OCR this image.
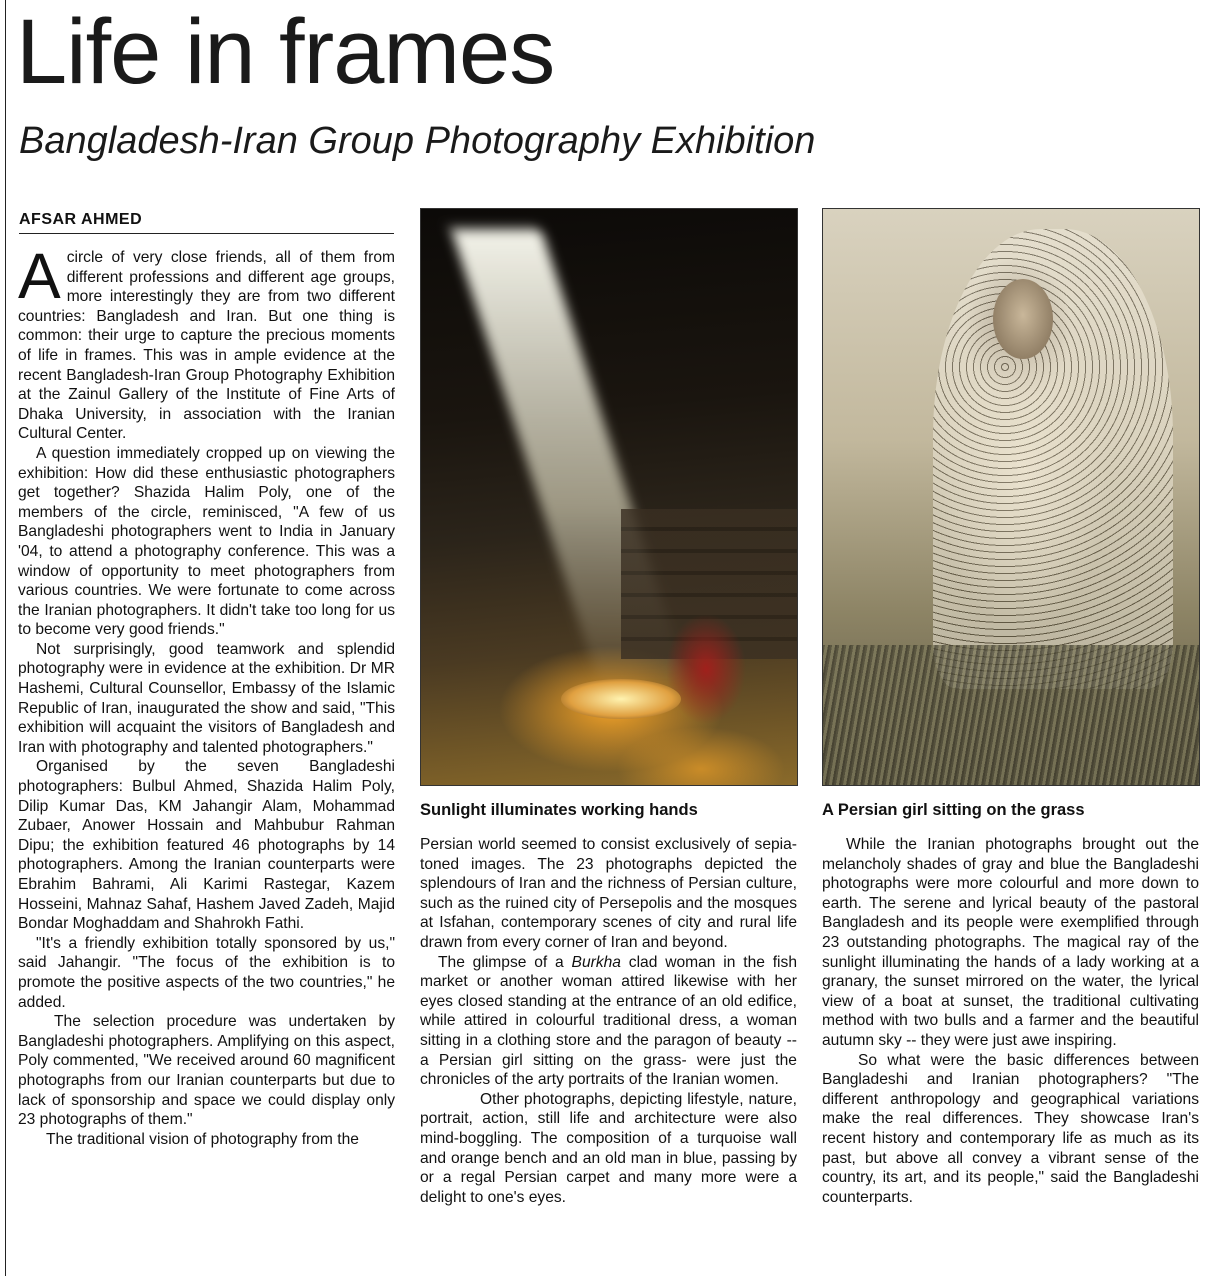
Life in frames
Bangladesh-Iran Group Photography Exhibition
AFSAR AHMED

Acircle of very close friends, all of them from different professions and different age groups, more interestingly they are from two different countries: Bangladesh and Iran. But one thing is common: their urge to capture the precious moments of life in frames. This was in ample evidence at the recent Bangladesh-Iran Group Photography Exhibition at the Zainul Gallery of the Institute of Fine Arts of Dhaka University, in association with the Iranian Cultural Center.

A question immediately cropped up on viewing the exhibition: How did these enthusiastic photographers get together? Shazida Halim Poly, one of the members of the circle, reminisced, "A few of us Bangladeshi photographers went to India in January '04, to attend a photography conference. This was a window of opportunity to meet photographers from various countries. We were fortunate to come across the Iranian photographers. It didn't take too long for us to become very good friends."

Not surprisingly, good teamwork and splendid photography were in evidence at the exhibition. Dr MR Hashemi, Cultural Counsellor, Embassy of the Islamic Republic of Iran, inaugurated the show and said, "This exhibition will acquaint the visitors of Bangladesh and Iran with photography and talented photographers."

Organised by the seven Bangladeshi photographers: Bulbul Ahmed, Shazida Halim Poly, Dilip Kumar Das, KM Jahangir Alam, Mohammad Zubaer, Anower Hossain and Mahbubur Rahman Dipu; the exhibition featured 46 photographs by 14 photographers. Among the Iranian counterparts were Ebrahim Bahrami, Ali Karimi Rastegar, Kazem Hosseini, Mahnaz Sahaf, Hashem Javed Zadeh, Majid Bondar Moghaddam and Shahrokh Fathi.

"It's a friendly exhibition totally sponsored by us," said Jahangir. "The focus of the exhibition is to promote the positive aspects of the two countries," he added.

The selection procedure was undertaken by Bangladeshi photographers. Amplifying on this aspect, Poly commented, "We received around 60 magnificent photographs from our Iranian counterparts but due to lack of sponsorship and space we could display only 23 photographs of them."

The traditional vision of photography from the

Sunlight illuminates working hands	A Persian girl sitting on the grass

Persian world seemed to consist exclusively of sepia-toned images. The 23 photographs depicted the splendours of Iran and the richness of Persian culture, such as the ruined city of Persepolis and the mosques at Isfahan, contemporary scenes of city and rural life drawn from every corner of Iran and beyond.

The glimpse of a Burkha clad woman in the fish market or another woman attired likewise with her eyes closed standing at the entrance of an old edifice, while attired in colourful traditional dress, a woman sitting in a clothing store and the paragon of beauty -- a Persian girl sitting on the grass- were just the chronicles of the arty portraits of the Iranian women.

Other photographs, depicting lifestyle, nature, portrait, action, still life and architecture were also mind-boggling. The composition of a turquoise wall and orange bench and an old man in blue, passing by or a regal Persian carpet and many more were a delight to one's eyes.

While the Iranian photographs brought out the melancholy shades of gray and blue the Bangladeshi photographs were more colourful and more down to earth. The serene and lyrical beauty of the pastoral Bangladesh and its people were exemplified through 23 outstanding photographs. The magical ray of the sunlight illuminating the hands of a lady working at a granary, the sunset mirrored on the water, the lyrical view of a boat at sunset, the traditional cultivating method with two bulls and a farmer and the beautiful autumn sky -- they were just awe inspiring.

So what were the basic differences between Bangladeshi and Iranian photographers? "The different anthropology and geographical variations make the real differences. They showcase Iran's recent history and contemporary life as much as its past, but above all convey a vibrant sense of the country, its art, and its people," said the Bangladeshi counterparts.
